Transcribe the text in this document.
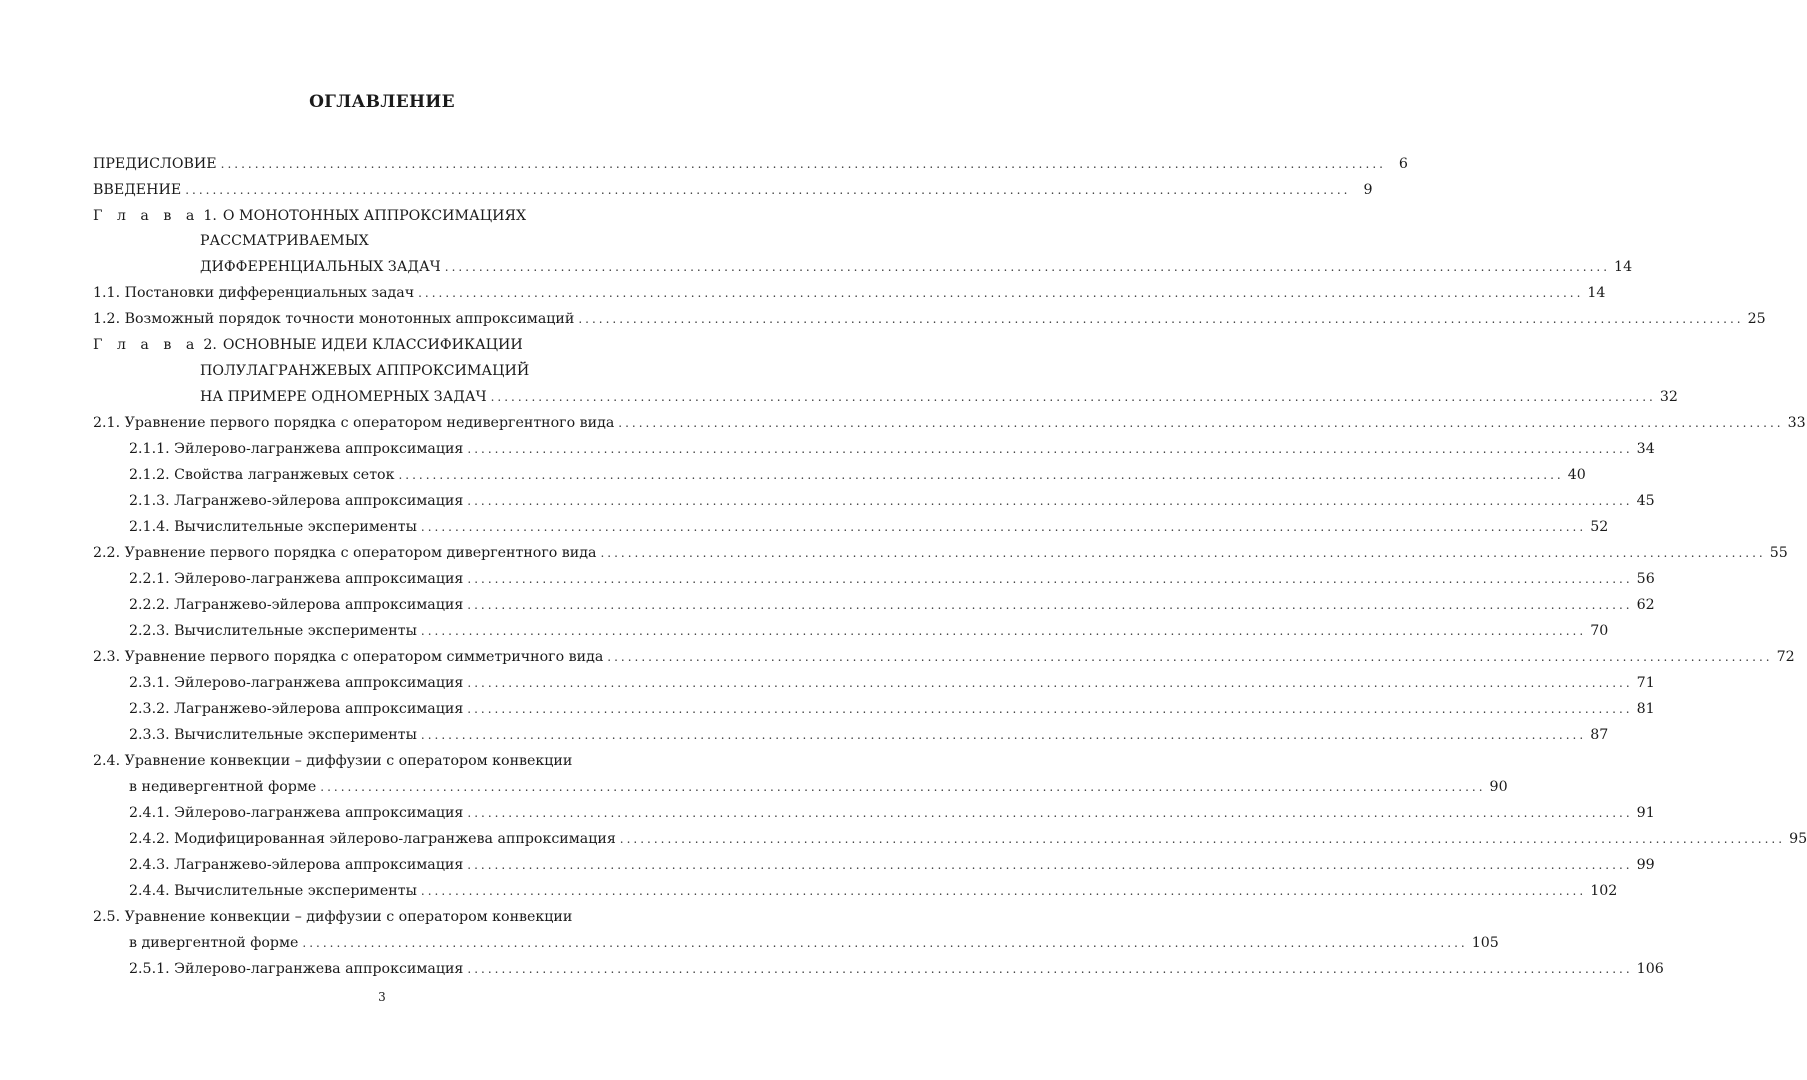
ОГЛАВЛЕНИЕ
ПРЕДИСЛОВИЕ ........................................................................................................................................................................... 6
ВВЕДЕНИЕ ........................................................................................................................................................................... 9
Г л а в а 1. О МОНОТОННЫХ АППРОКСИМАЦИЯХ
РАССМАТРИВАЕМЫХ
ДИФФЕРЕНЦИАЛЬНЫХ ЗАДАЧ ........................................................................................................................................................................... 14
1.1. Постановки дифференциальных задач ........................................................................................................................................................................... 14
1.2. Возможный порядок точности монотонных аппроксимаций ........................................................................................................................................................................... 25
Г л а в а 2. ОСНОВНЫЕ ИДЕИ КЛАССИФИКАЦИИ
ПОЛУЛАГРАНЖЕВЫХ АППРОКСИМАЦИЙ
НА ПРИМЕРЕ ОДНОМЕРНЫХ ЗАДАЧ ........................................................................................................................................................................... 32
2.1. Уравнение первого порядка с оператором недивергентного вида ........................................................................................................................................................................... 33
2.1.1. Эйлерово-лагранжева аппроксимация ........................................................................................................................................................................... 34
2.1.2. Свойства лагранжевых сеток ........................................................................................................................................................................... 40
2.1.3. Лагранжево-эйлерова аппроксимация ........................................................................................................................................................................... 45
2.1.4. Вычислительные эксперименты ........................................................................................................................................................................... 52
2.2. Уравнение первого порядка с оператором дивергентного вида ........................................................................................................................................................................... 55
2.2.1. Эйлерово-лагранжева аппроксимация ........................................................................................................................................................................... 56
2.2.2. Лагранжево-эйлерова аппроксимация ........................................................................................................................................................................... 62
2.2.3. Вычислительные эксперименты ........................................................................................................................................................................... 70
2.3. Уравнение первого порядка с оператором симметричного вида ........................................................................................................................................................................... 72
2.3.1. Эйлерово-лагранжева аппроксимация ........................................................................................................................................................................... 71
2.3.2. Лагранжево-эйлерова аппроксимация ........................................................................................................................................................................... 81
2.3.3. Вычислительные эксперименты ........................................................................................................................................................................... 87
2.4. Уравнение конвекции – диффузии с оператором конвекции
в недивергентной форме ........................................................................................................................................................................... 90
2.4.1. Эйлерово-лагранжева аппроксимация ........................................................................................................................................................................... 91
2.4.2. Модифицированная эйлерово-лагранжева аппроксимация ........................................................................................................................................................................... 95
2.4.3. Лагранжево-эйлерова аппроксимация ........................................................................................................................................................................... 99
2.4.4. Вычислительные эксперименты ........................................................................................................................................................................... 102
2.5. Уравнение конвекции – диффузии с оператором конвекции
в дивергентной форме ........................................................................................................................................................................... 105
2.5.1. Эйлерово-лагранжева аппроксимация ........................................................................................................................................................................... 106
3
